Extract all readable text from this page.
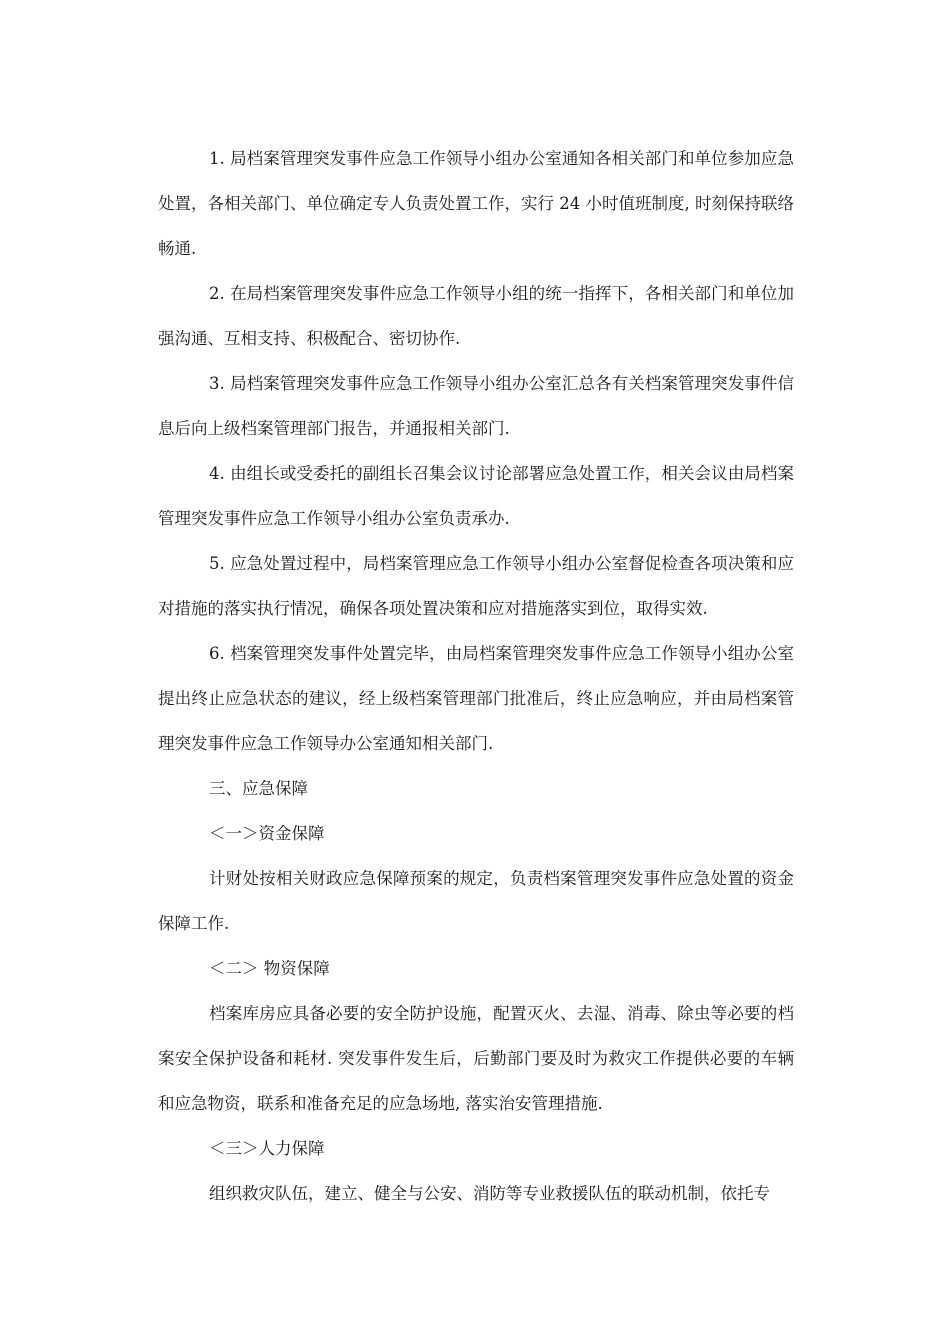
1. 局档案管理突发事件应急工作领导小组办公室通知各相关部门和单位参加应急处置，各相关部门、单位确定专人负责处置工作，实行 24 小时值班制度, 时刻保持联络畅通.

2. 在局档案管理突发事件应急工作领导小组的统一指挥下，各相关部门和单位加强沟通、互相支持、积极配合、密切协作.

3. 局档案管理突发事件应急工作领导小组办公室汇总各有关档案管理突发事件信息后向上级档案管理部门报告，并通报相关部门.

4. 由组长或受委托的副组长召集会议讨论部署应急处置工作，相关会议由局档案管理突发事件应急工作领导小组办公室负责承办.

5. 应急处置过程中，局档案管理应急工作领导小组办公室督促检查各项决策和应对措施的落实执行情况，确保各项处置决策和应对措施落实到位，取得实效.

6. 档案管理突发事件处置完毕，由局档案管理突发事件应急工作领导小组办公室提出终止应急状态的建议，经上级档案管理部门批准后，终止应急响应，并由局档案管理突发事件应急工作领导办公室通知相关部门.

三、应急保障

＜一＞资金保障

计财处按相关财政应急保障预案的规定，负责档案管理突发事件应急处置的资金保障工作.

＜二＞ 物资保障

档案库房应具备必要的安全防护设施，配置灭火、去湿、消毒、除虫等必要的档案安全保护设备和耗材. 突发事件发生后，后勤部门要及时为救灾工作提供必要的车辆和应急物资，联系和准备充足的应急场地, 落实治安管理措施.

＜三＞人力保障

组织救灾队伍，建立、健全与公安、消防等专业救援队伍的联动机制，依托专
